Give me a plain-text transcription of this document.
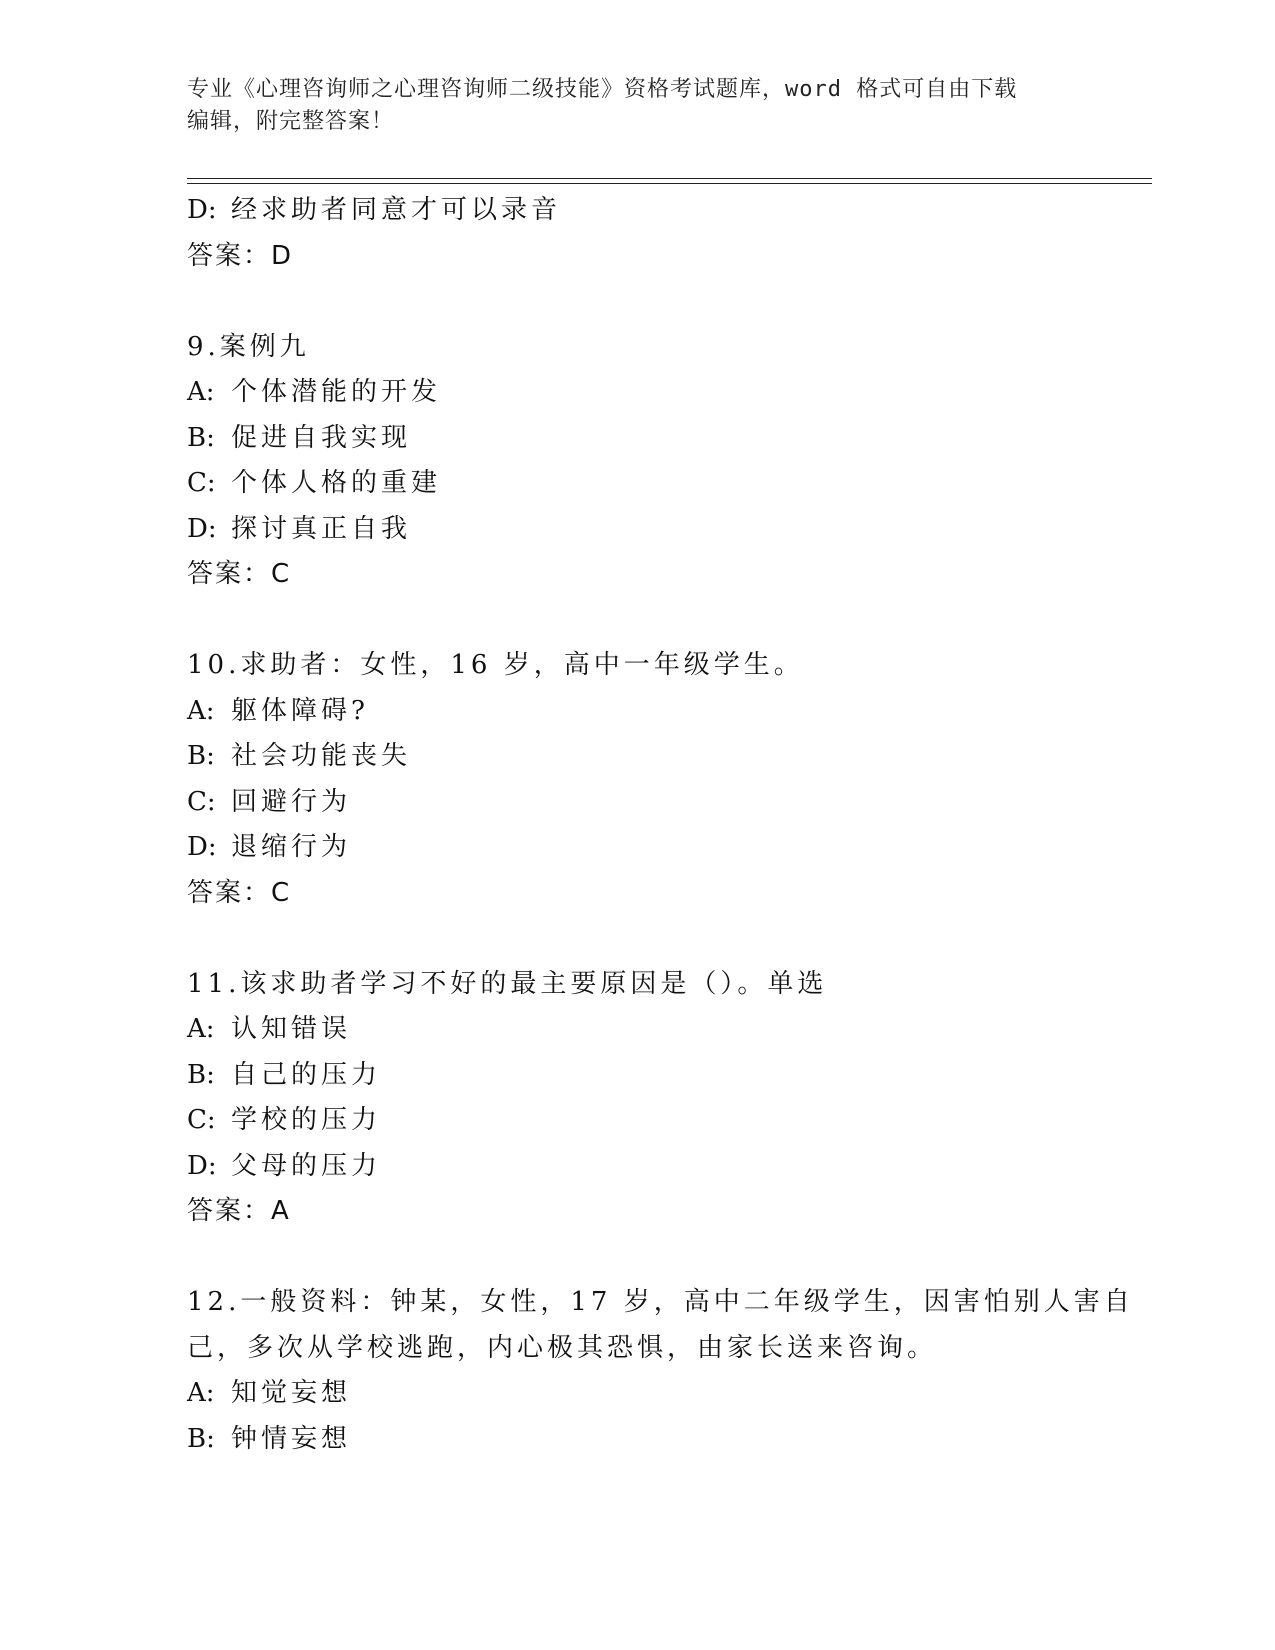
专业《心理咨询师之心理咨询师二级技能》资格考试题库，word 格式可自由下载
编辑，附完整答案！
D: 经求助者同意才可以录音
答案：D
9.案例九
A: 个体潜能的开发
B: 促进自我实现
C: 个体人格的重建
D: 探讨真正自我
答案：C
10.求助者：女性，16 岁，高中一年级学生。
A: 躯体障碍?
B: 社会功能丧失
C: 回避行为
D: 退缩行为
答案：C
11.该求助者学习不好的最主要原因是（）。单选
A: 认知错误
B: 自己的压力
C: 学校的压力
D: 父母的压力
答案：A
12.一般资料：钟某，女性，17 岁，高中二年级学生，因害怕别人害自
己，多次从学校逃跑，内心极其恐惧，由家长送来咨询。
A: 知觉妄想
B: 钟情妄想
